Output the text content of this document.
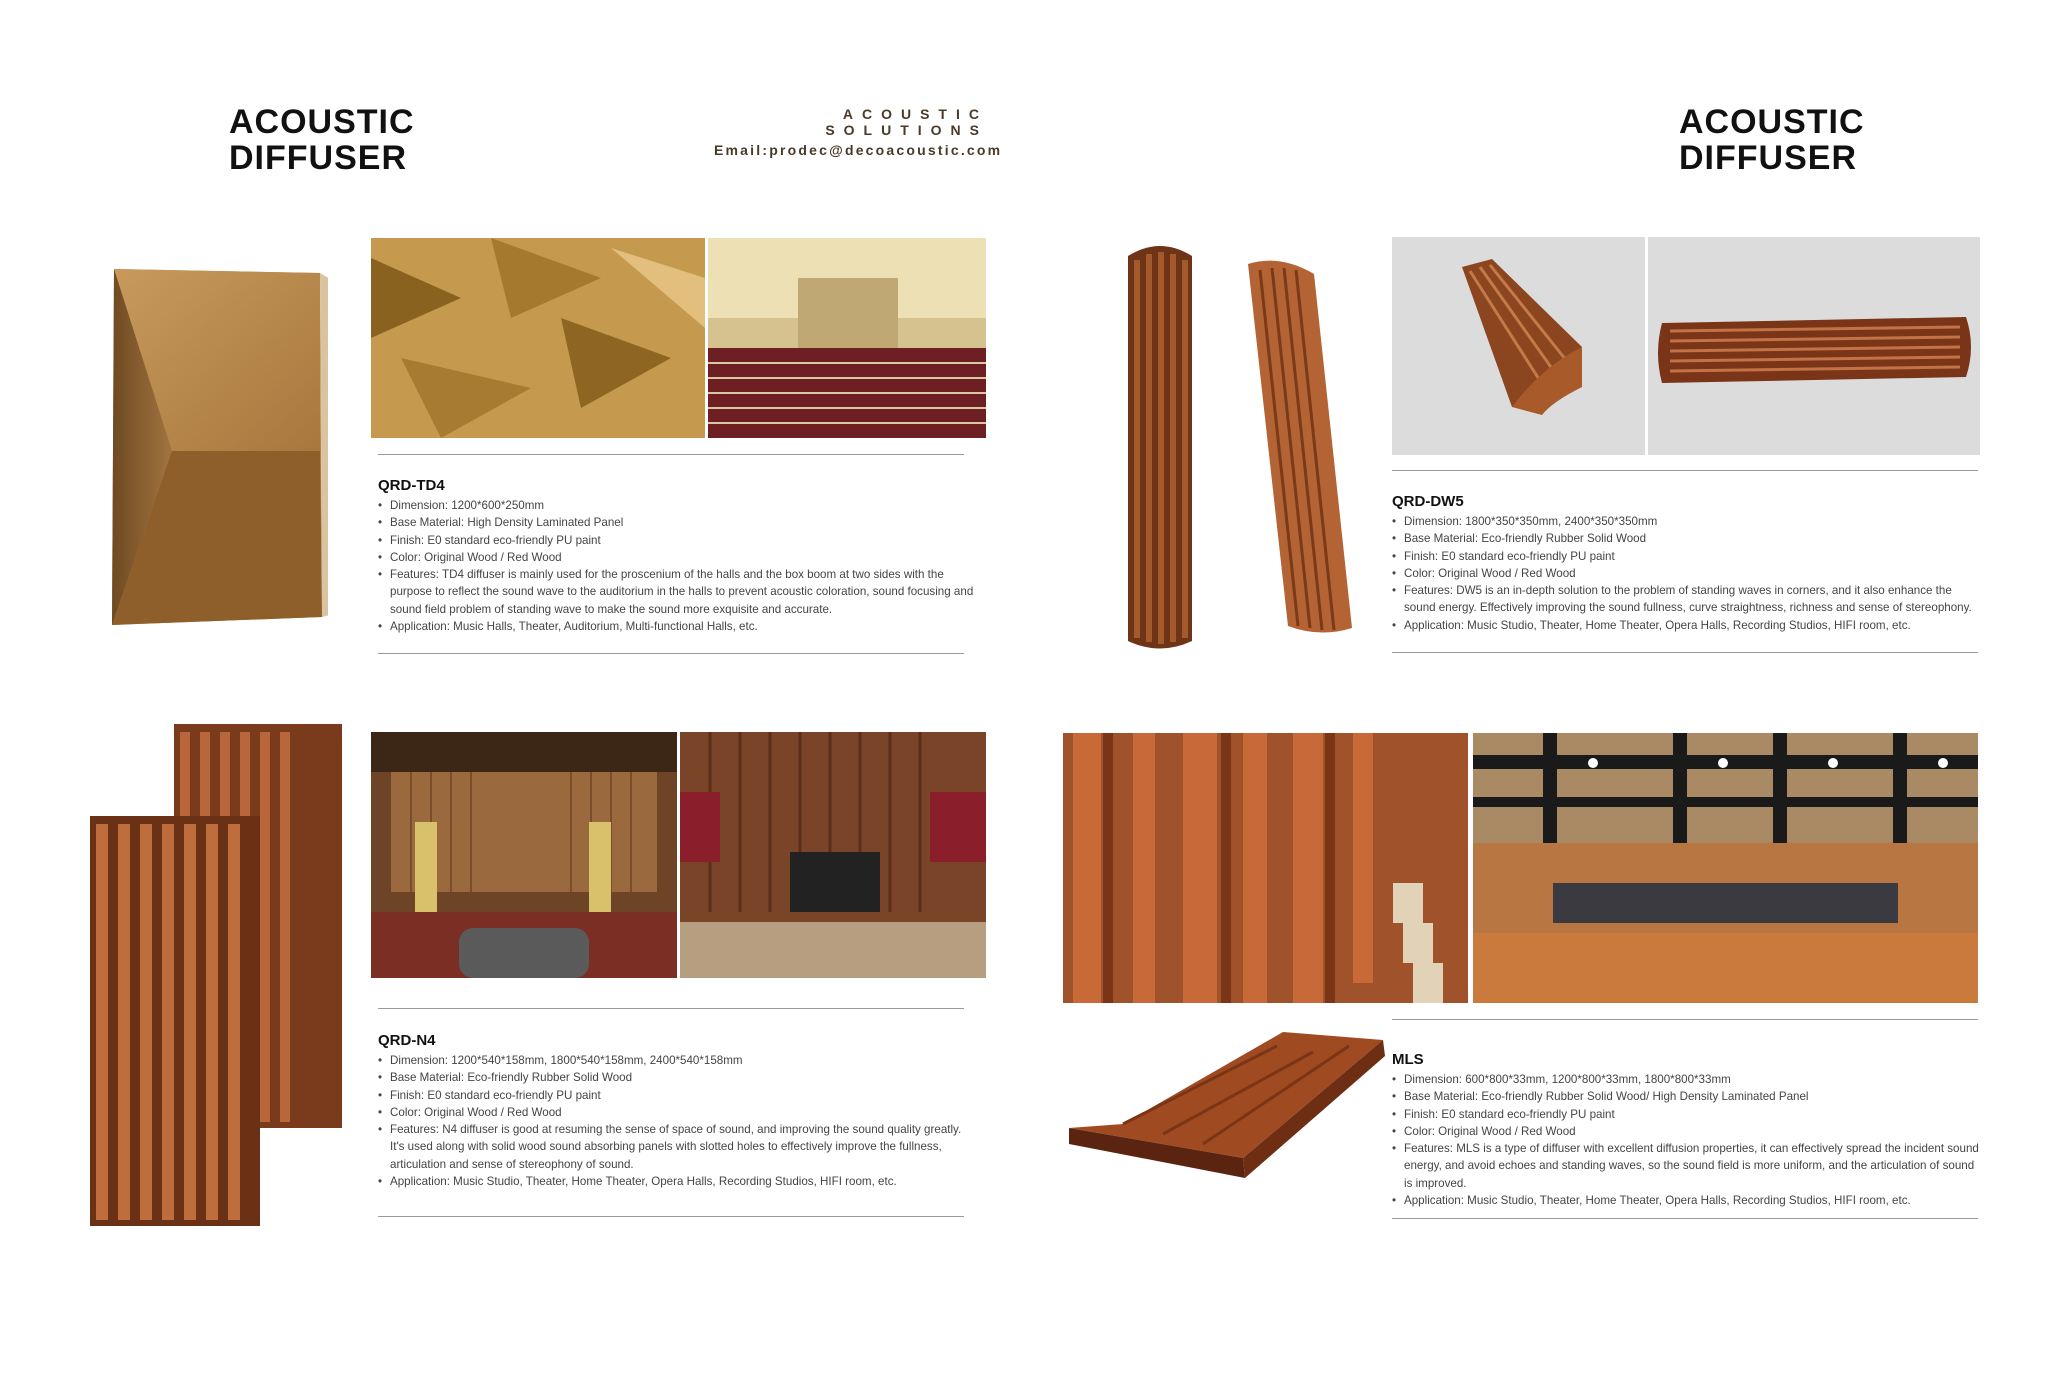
ACOUSTIC
DIFFUSER
ACOUSTIC SOLUTIONS
Email:prodec@decoacoustic.com
ACOUSTIC
DIFFUSER
QRD-TD4
• Dimension: 1200*600*250mm
• Base Material: High Density Laminated Panel
• Finish: E0 standard eco-friendly PU paint
• Color: Original Wood / Red Wood
• Features: TD4 diffuser is mainly used for the proscenium of the halls and the box boom at two sides with the purpose to reflect the sound wave to the auditorium in the halls to prevent acoustic coloration, sound focusing and sound field problem of standing wave to make the sound more exquisite and accurate.
• Application: Music Halls, Theater, Auditorium, Multi-functional Halls, etc.
QRD-DW5
• Dimension: 1800*350*350mm, 2400*350*350mm
• Base Material: Eco-friendly Rubber Solid Wood
• Finish: E0 standard eco-friendly PU paint
• Color: Original Wood / Red Wood
• Features: DW5 is an in-depth solution to the problem of standing waves in corners, and it also enhance the sound energy. Effectively improving the sound fullness, curve straightness, richness and sense of stereophony.
• Application: Music Studio, Theater, Home Theater, Opera Halls, Recording Studios, HIFI room, etc.
QRD-N4
• Dimension: 1200*540*158mm, 1800*540*158mm, 2400*540*158mm
• Base Material: Eco-friendly Rubber Solid Wood
• Finish: E0 standard eco-friendly PU paint
• Color: Original Wood / Red Wood
• Features: N4 diffuser is good at resuming the sense of space of sound, and improving the sound quality greatly. It's used along with solid wood sound absorbing panels with slotted holes to effectively improve the fullness, articulation and sense of stereophony of sound.
• Application: Music Studio, Theater, Home Theater, Opera Halls, Recording Studios, HIFI room, etc.
MLS
• Dimension: 600*800*33mm, 1200*800*33mm, 1800*800*33mm
• Base Material: Eco-friendly Rubber Solid Wood/ High Density Laminated Panel
• Finish: E0 standard eco-friendly PU paint
• Color: Original Wood / Red Wood
• Features: MLS is a type of diffuser with excellent diffusion properties, it can effectively spread the incident sound energy, and avoid echoes and standing waves, so the sound field is more uniform, and the articulation of sound is improved.
• Application: Music Studio, Theater, Home Theater, Opera Halls, Recording Studios, HIFI room, etc.
